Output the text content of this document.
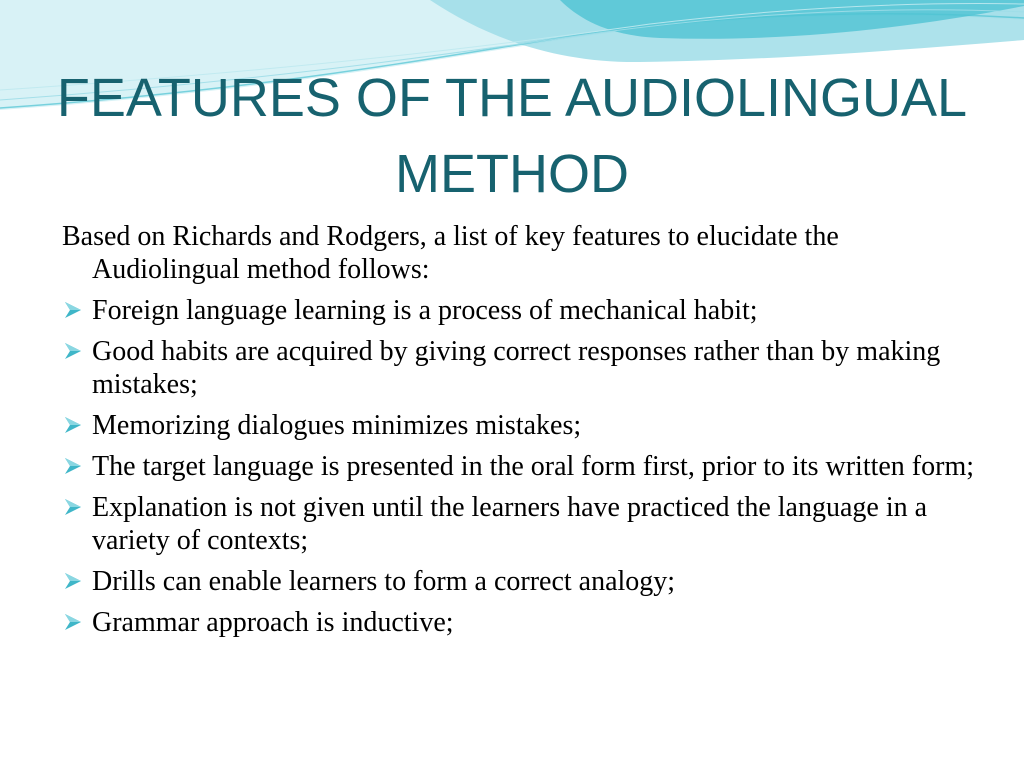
FEATURES OF THE AUDIOLINGUAL
METHOD

Based on Richards and Rodgers, a list of key features to elucidate the Audiolingual method follows:

Foreign language learning is a process of mechanical habit;
Good habits are acquired by giving correct responses rather than by making mistakes;
Memorizing dialogues minimizes mistakes;
The target language is presented in the oral form first, prior to its written form;
Explanation is not given until the learners have practiced the language in a variety of contexts;
Drills can enable learners to form a correct analogy;
Grammar approach is inductive;
